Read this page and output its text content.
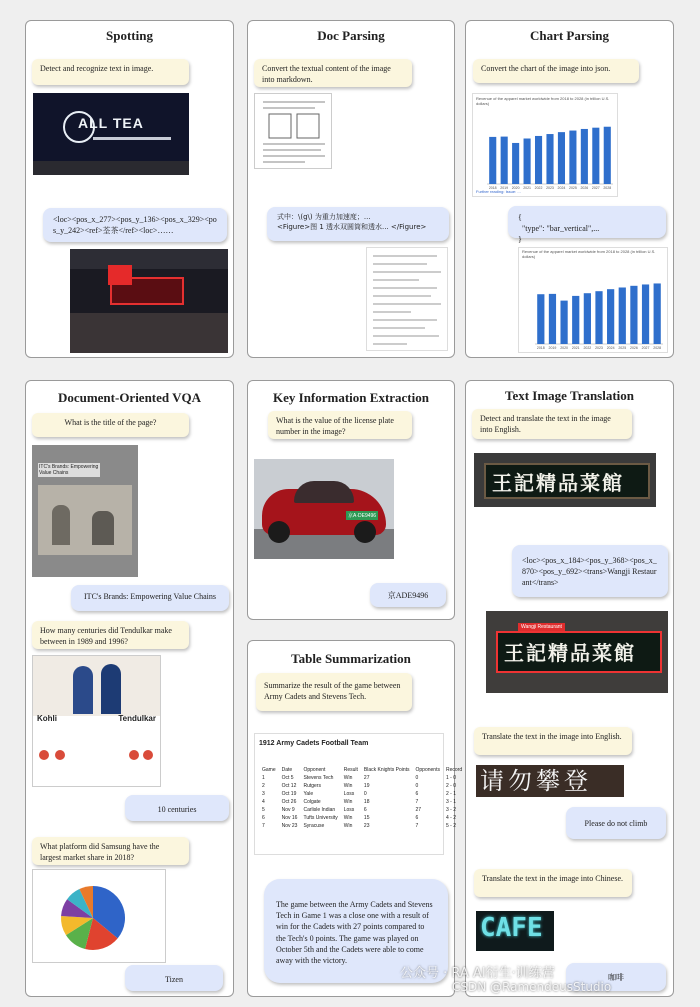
Spotting
Detect and recognize text in image.
ALL TEA
<loc><pos_x_277><pos_y_136><pos_x_329><pos_y_242><ref>荃茶</ref><loc>……
Doc Parsing
Convert the textual content of the image into markdown.
式中：\(g\) 为重力加速度；...
<Figure>图 1 透水双圆筒和透水... </Figure>
Chart Parsing
Convert the chart of the image into json.
Revenue of the apparel market worldwide from 2018 to 2028 (in trillion U.S. dollars)
2018 2019 2020 2021 2022 2023 2024 2025 2026 2027 2028
Further reading: Issue: ...
{
"type": "bar_vertical",...
}
Revenue of the apparel market worldwide from 2018 to 2028 (in trillion U.S. dollars)
2018 2019 2020 2021 2022 2023 2024 2025 2026 2027 2028
Document-Oriented VQA
What is the title of the page?
ITC's Brands: Empowering Value Chains
ITC's Brands: Empowering Value Chains
How many centuries did Tendulkar make between in 1989 and 1996?
Kohli	Tendulkar
10 centuries
What platform did Samsung have the largest market share in 2018?
Tizen
Key Information Extraction
What is the value of the license plate number in the image?
京A·DE9496
京ADE9496
Table Summarization
Summarize the result of the game between Army Cadets and Stevens Tech.
1912 Army Cadets Football Team
Game	Date	Opponent	Result	Black Knights Points	Opponents	Record
1	Oct 5	Stevens Tech	Win	27	0	1 - 0
2	Oct 12	Rutgers	Win	19	0	2 - 0
3	Oct 19	Yale	Loss	0	6	2 - 1
4	Oct 26	Colgate	Win	18	7	3 - 1
5	Nov 9	Carlisle Indian	Loss	6	27	3 - 2
6	Nov 16	Tufts University	Win	15	6	4 - 2
7	Nov 23	Syracuse	Win	23	7	5 - 2
The game between the Army Cadets and Stevens Tech in Game 1 was a close one with a result of win for the Cadets with 27 points compared to the Tech's 0 points. The game was played on October 5th and the Cadets were able to come away with the victory.
Text Image Translation
Detect and translate the text in the image into English.
王記精品菜館
<loc><pos_x_184><pos_y_368><pos_x_870><pos_y_692><trans>Wangji Restaurant</trans>
Wangji Restaurant
王記精品菜館
Translate the text in the image into English.
请勿攀登
Please do not climb
Translate the text in the image into Chinese.
CAFE
咖啡
公众号 · RA AI衍生·训练营
CSDN @RamendeusStudio
